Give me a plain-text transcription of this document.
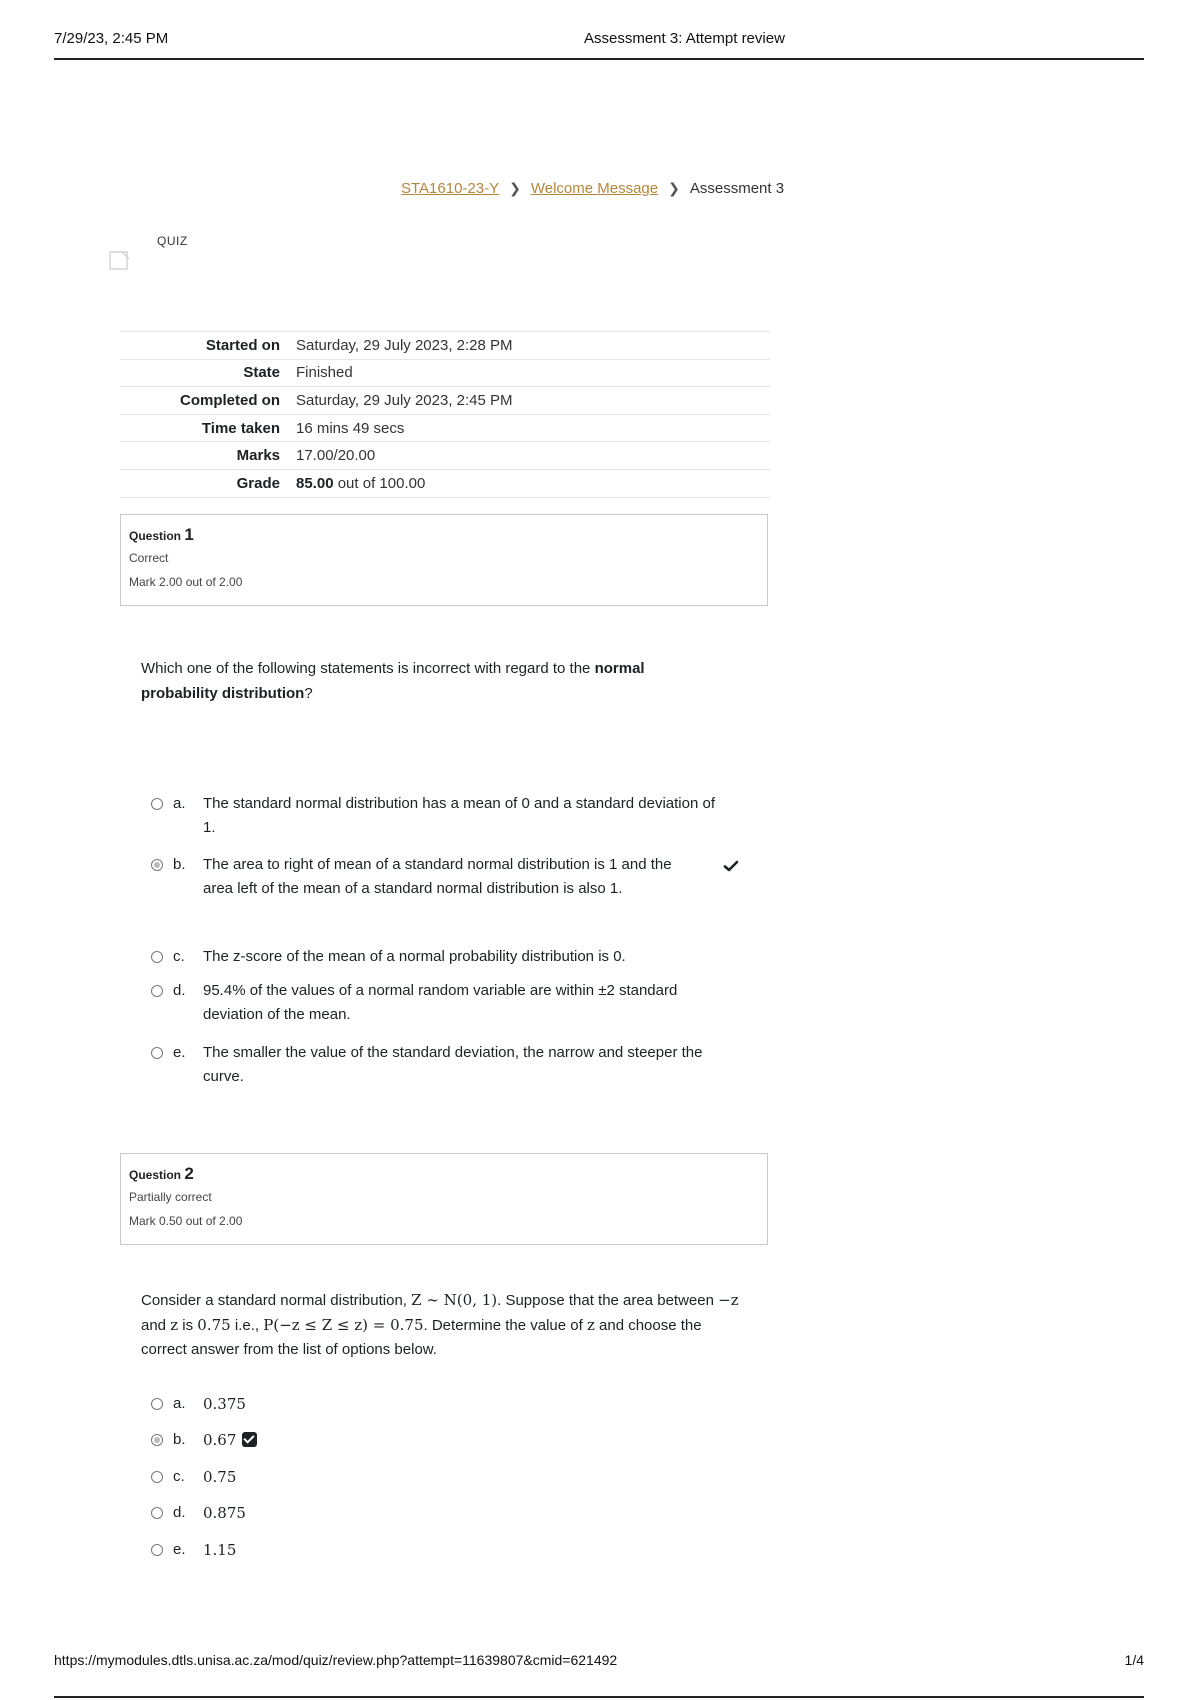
7/29/23, 2:45 PM	Assessment 3: Attempt review
STA1610-23-Y ❯ Welcome Message ❯ Assessment 3
QUIZ
Started on	Saturday, 29 July 2023, 2:28 PM
State	Finished
Completed on	Saturday, 29 July 2023, 2:45 PM
Time taken	16 mins 49 secs
Marks	17.00/20.00
Grade	85.00 out of 100.00
Question 1
Correct
Mark 2.00 out of 2.00
Which one of the following statements is incorrect with regard to the normal probability distribution?
a. The standard normal distribution has a mean of 0 and a standard deviation of 1.
b. The area to right of mean of a standard normal distribution is 1 and the area left of the mean of a standard normal distribution is also 1.
c. The z-score of the mean of a normal probability distribution is 0.
d. 95.4% of the values of a normal random variable are within ±2 standard deviation of the mean.
e. The smaller the value of the standard deviation, the narrow and steeper the curve.
Question 2
Partially correct
Mark 0.50 out of 2.00
Consider a standard normal distribution, Z ∼ N(0, 1). Suppose that the area between −z and z is 0.75 i.e., P(−z ≤ Z ≤ z) = 0.75. Determine the value of z and choose the correct answer from the list of options below.
a. 0.375
b. 0.67
c. 0.75
d. 0.875
e. 1.15
https://mymodules.dtls.unisa.ac.za/mod/quiz/review.php?attempt=11639807&cmid=621492	1/4
